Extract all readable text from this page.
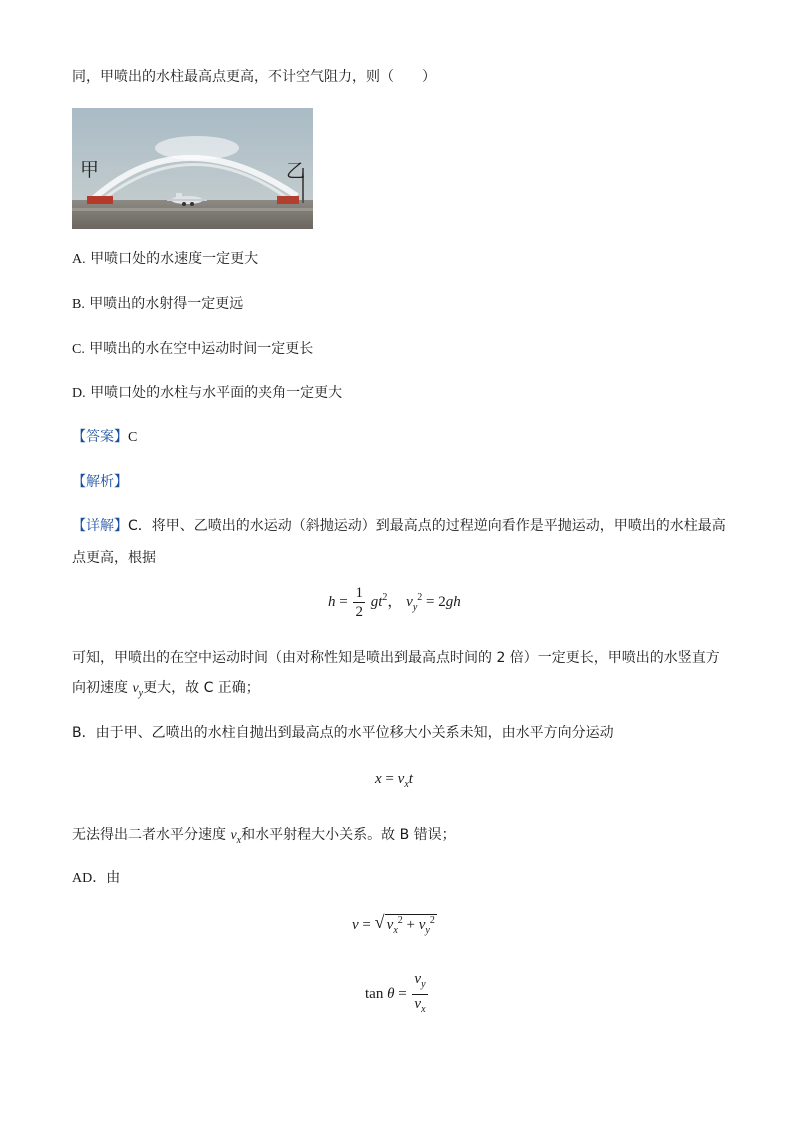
同，甲喷出的水柱最高点更高，不计空气阻力，则（　　）
甲	乙
A. 甲喷口处的水速度一定更大
B. 甲喷出的水射得一定更远
C. 甲喷出的水在空中运动时间一定更长
D. 甲喷口处的水柱与水平面的夹角一定更大
【答案】C
【解析】
【详解】C．将甲、乙喷出的水运动（斜抛运动）到最高点的过程逆向看作是平抛运动，甲喷出的水柱最高
点更高，根据
$h = \frac{1}{2} gt^2$， $v_y^2 = 2gh$
可知，甲喷出的在空中运动时间（由对称性知是喷出到最高点时间的 2 倍）一定更长，甲喷出的水竖直方
向初速度 $v_y$更大，故 C 正确；
B．由于甲、乙喷出的水柱自抛出到最高点的水平位移大小关系未知，由水平方向分运动
$x = v_xt$
无法得出二者水平分速度 $v_x$和水平射程大小关系。故 B 错误；
AD．由
v = √ $v_x^2 + v_y^2$
$\tan \theta = \frac{v_y}{v_x}$
